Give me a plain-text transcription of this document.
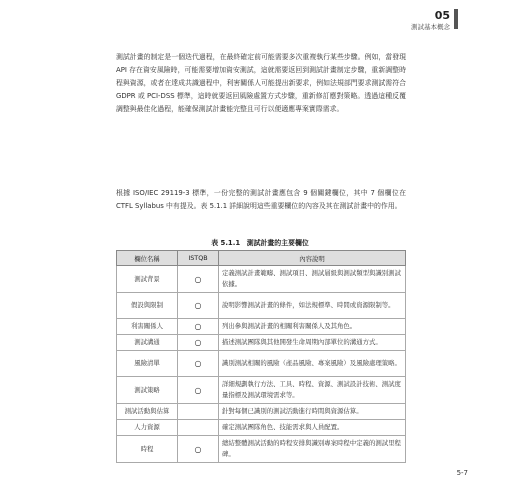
05
測試基本概念
測試計畫的制定是一個迭代過程，在最終確定前可能需要多次重複執行某些步驟。例如，當發現 API 存在資安風險時，可能需要增加資安測試，這就需要返回到測試計畫制定步驟，重新調整時程與資源，或者在達成共識過程中，利害關係人可能提出新要求，例如法規部門要求測試需符合 GDPR 或 PCI-DSS 標準，這時就要返回風險處置方式步驟，重新修訂應對策略。透過這種反覆調整與最佳化過程，能確保測試計畫能完整且可行以便適應專案實際需求。
根據 ISO/IEC 29119-3 標準，一份完整的測試計畫應包含 9 個關鍵欄位，其中 7 個欄位在 CTFL Syllabus 中有提及。表 5.1.1 詳細說明這些重要欄位的內容及其在測試計畫中的作用。
表 5.1.1 測試計畫的主要欄位
欄位名稱	ISTQB	內容說明
測試背景	○	定義測試計畫範疇、測試項目、測試層級與測試類型與識別測試依據。
假設與限制	○	說明影響測試計畫的條件，如法規標準、時間或資源限制等。
利害關係人	○	列出參與測試計畫的相關利害關係人及其角色。
測試溝通	○	描述測試團隊與其他開發生命周期內部單位的溝通方式。
風險清單	○	識別測試相關的風險（產品風險、專案風險）及風險處理策略。
測試策略	○	詳細規劃執行方法、工具、時程、資源、測試設計技術、測試度量指標及測試環境需求等。
測試活動與估算		針對每個已識別的測試活動進行時間與資源估算。
人力資源		確定測試團隊角色、技能需求與人員配置。
時程	○	總結整體測試活動的時程安排與識別專案時程中定義的測試里程碑。
5-7
